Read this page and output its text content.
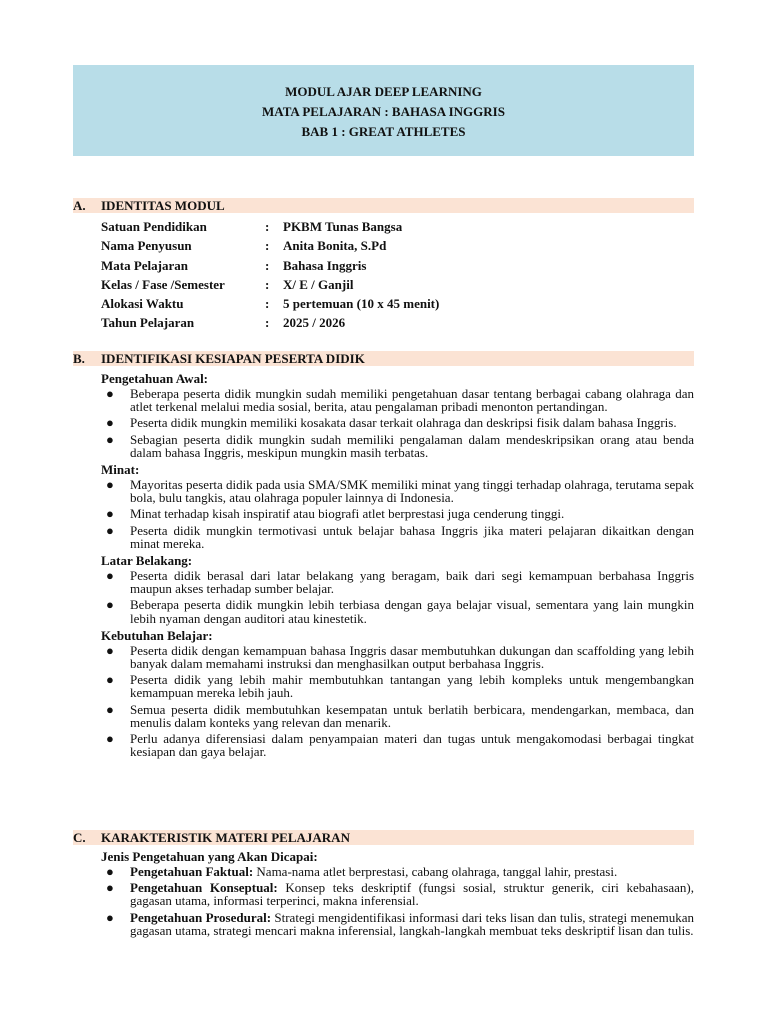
MODUL AJAR DEEP LEARNING
MATA PELAJARAN : BAHASA INGGRIS
BAB 1 : GREAT ATHLETES
A. IDENTITAS MODUL
Satuan Pendidikan	: PKBM Tunas Bangsa
Nama Penyusun	: Anita Bonita, S.Pd
Mata Pelajaran	: Bahasa Inggris
Kelas / Fase /Semester	: X/ E / Ganjil
Alokasi Waktu	: 5 pertemuan (10 x 45 menit)
Tahun Pelajaran	: 2025 / 2026
B. IDENTIFIKASI KESIAPAN PESERTA DIDIK

Pengetahuan Awal:

● Beberapa peserta didik mungkin sudah memiliki pengetahuan dasar tentang berbagai cabang olahraga dan atlet terkenal melalui media sosial, berita, atau pengalaman pribadi menonton pertandingan.
● Peserta didik mungkin memiliki kosakata dasar terkait olahraga dan deskripsi fisik dalam bahasa Inggris.
● Sebagian peserta didik mungkin sudah memiliki pengalaman dalam mendeskripsikan orang atau benda dalam bahasa Inggris, meskipun mungkin masih terbatas.

Minat:

● Mayoritas peserta didik pada usia SMA/SMK memiliki minat yang tinggi terhadap olahraga, terutama sepak bola, bulu tangkis, atau olahraga populer lainnya di Indonesia.
● Minat terhadap kisah inspiratif atau biografi atlet berprestasi juga cenderung tinggi.
● Peserta didik mungkin termotivasi untuk belajar bahasa Inggris jika materi pelajaran dikaitkan dengan minat mereka.

Latar Belakang:

● Peserta didik berasal dari latar belakang yang beragam, baik dari segi kemampuan berbahasa Inggris maupun akses terhadap sumber belajar.
● Beberapa peserta didik mungkin lebih terbiasa dengan gaya belajar visual, sementara yang lain mungkin lebih nyaman dengan auditori atau kinestetik.

Kebutuhan Belajar:

● Peserta didik dengan kemampuan bahasa Inggris dasar membutuhkan dukungan dan scaffolding yang lebih banyak dalam memahami instruksi dan menghasilkan output berbahasa Inggris.
● Peserta didik yang lebih mahir membutuhkan tantangan yang lebih kompleks untuk mengembangkan kemampuan mereka lebih jauh.
● Semua peserta didik membutuhkan kesempatan untuk berlatih berbicara, mendengarkan, membaca, dan menulis dalam konteks yang relevan dan menarik.
● Perlu adanya diferensiasi dalam penyampaian materi dan tugas untuk mengakomodasi berbagai tingkat kesiapan dan gaya belajar.
C. KARAKTERISTIK MATERI PELAJARAN

Jenis Pengetahuan yang Akan Dicapai:

● Pengetahuan Faktual: Nama-nama atlet berprestasi, cabang olahraga, tanggal lahir, prestasi.
● Pengetahuan Konseptual: Konsep teks deskriptif (fungsi sosial, struktur generik, ciri kebahasaan), gagasan utama, informasi terperinci, makna inferensial.
● Pengetahuan Prosedural: Strategi mengidentifikasi informasi dari teks lisan dan tulis, strategi menemukan gagasan utama, strategi mencari makna inferensial, langkah-langkah membuat teks deskriptif lisan dan tulis.
